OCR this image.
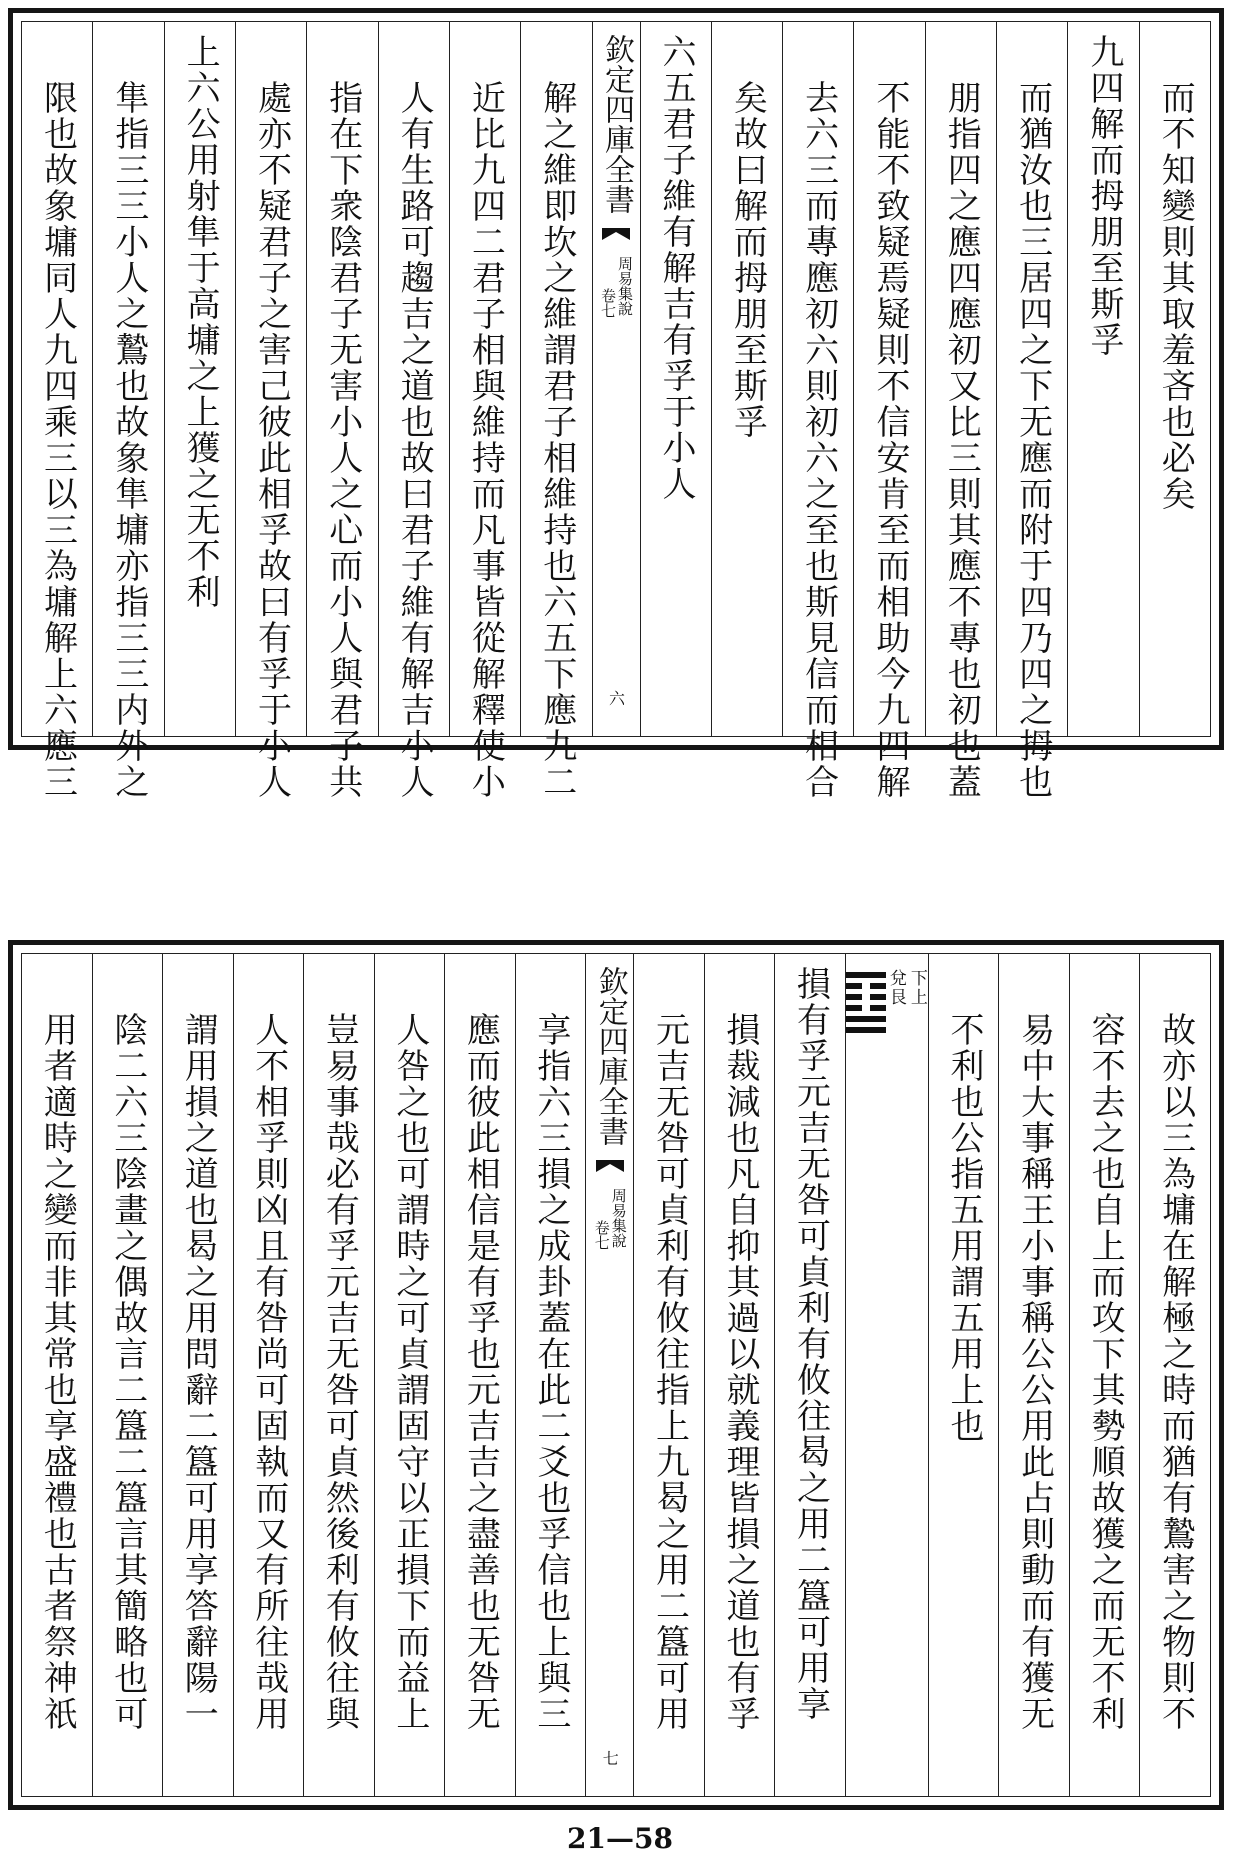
而不知變則其取羞吝也必矣
九四解而拇朋至斯孚
而猶汝也三居四之下无應而附于四乃四之拇也
朋指四之應四應初又比三則其應不專也初也蓋
不能不致疑焉疑則不信安肯至而相助今九四解
去六三而專應初六則初六之至也斯見信而相合
矣故曰解而拇朋至斯孚
六五君子維有解吉有孚于小人
欽定四庫全書
周易集說
卷七
六
解之維即坎之維謂君子相維持也六五下應九二
近比九四二君子相與維持而凡事皆從解釋使小
人有生路可趨吉之道也故曰君子維有解吉小人
指在下衆陰君子无害小人之心而小人與君子共
處亦不疑君子之害己彼此相孚故曰有孚于小人
上六公用射隼于高墉之上獲之无不利
隼指三三小人之鷙也故象隼墉亦指三三内外之
限也故象墉同人九四乘三以三為墉解上六應三
故亦以三為墉在解極之時而猶有鷙害之物則不
容不去之也自上而攻下其勢順故獲之而无不利
易中大事稱王小事稱公公用此占則動而有獲无
不利也公指五用謂五用上也
兌
艮
下
上
損有孚元吉无咎可貞利有攸往曷之用二簋可用享
損裁減也凡自抑其過以就義理皆損之道也有孚
元吉无咎可貞利有攸往指上九曷之用二簋可用
欽定四庫全書
周易集說
卷七
七
享指六三損之成卦蓋在此二爻也孚信也上與三
應而彼此相信是有孚也元吉吉之盡善也无咎无
人咎之也可謂時之可貞謂固守以正損下而益上
豈易事哉必有孚元吉无咎可貞然後利有攸往與
人不相孚則凶且有咎尚可固執而又有所往哉用
謂用損之道也曷之用問辭二簋可用享答辭陽一
陰二六三陰畫之偶故言二簋二簋言其簡略也可
用者適時之變而非其常也享盛禮也古者祭神祇
21—58
